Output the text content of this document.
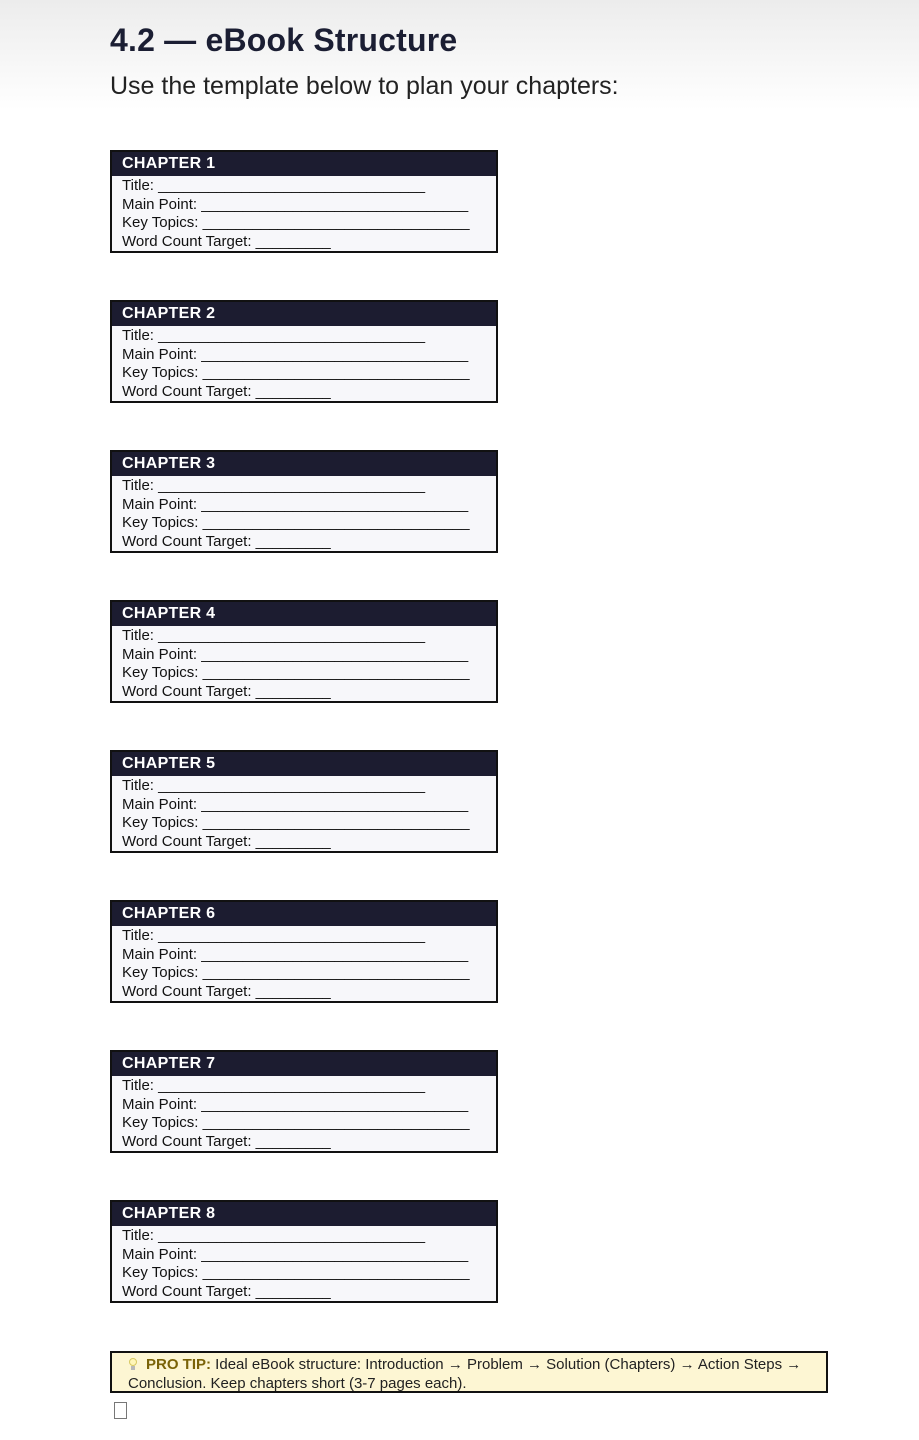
4.2 — eBook Structure

Use the template below to plan your chapters:

CHAPTER 1
Title: ________________________________
Main Point: ________________________________
Key Topics: ________________________________
Word Count Target: _________
CHAPTER 2
Title: ________________________________
Main Point: ________________________________
Key Topics: ________________________________
Word Count Target: _________
CHAPTER 3
Title: ________________________________
Main Point: ________________________________
Key Topics: ________________________________
Word Count Target: _________
CHAPTER 4
Title: ________________________________
Main Point: ________________________________
Key Topics: ________________________________
Word Count Target: _________
CHAPTER 5
Title: ________________________________
Main Point: ________________________________
Key Topics: ________________________________
Word Count Target: _________
CHAPTER 6
Title: ________________________________
Main Point: ________________________________
Key Topics: ________________________________
Word Count Target: _________
CHAPTER 7
Title: ________________________________
Main Point: ________________________________
Key Topics: ________________________________
Word Count Target: _________
CHAPTER 8
Title: ________________________________
Main Point: ________________________________
Key Topics: ________________________________
Word Count Target: _________
PRO TIP: Ideal eBook structure: Introduction → Problem → Solution (Chapters) → Action Steps → Conclusion. Keep chapters short (3-7 pages each).
